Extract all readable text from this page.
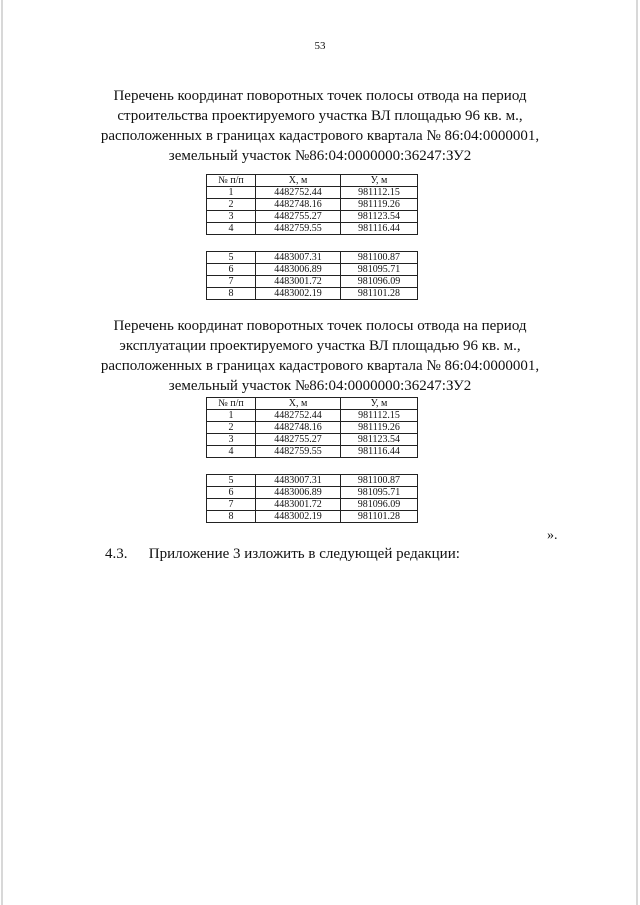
53
Перечень координат поворотных точек полосы отвода на период
строительства проектируемого участка ВЛ площадью 96 кв. м.,
расположенных в границах кадастрового квартала № 86:04:0000001,
земельный участок №86:04:0000000:36247:ЗУ2
№ п/п	Х, м	У, м
1	4482752.44	981112.15
2	4482748.16	981119.26
3	4482755.27	981123.54
4	4482759.55	981116.44
5	4483007.31	981100.87
6	4483006.89	981095.71
7	4483001.72	981096.09
8	4483002.19	981101.28
Перечень координат поворотных точек полосы отвода на период
эксплуатации проектируемого участка ВЛ площадью 96 кв. м.,
расположенных в границах кадастрового квартала № 86:04:0000001,
земельный участок №86:04:0000000:36247:ЗУ2
№ п/п	Х, м	У, м
1	4482752.44	981112.15
2	4482748.16	981119.26
3	4482755.27	981123.54
4	4482759.55	981116.44
5	4483007.31	981100.87
6	4483006.89	981095.71
7	4483001.72	981096.09
8	4483002.19	981101.28
».
4.3. Приложение 3 изложить в следующей редакции:
